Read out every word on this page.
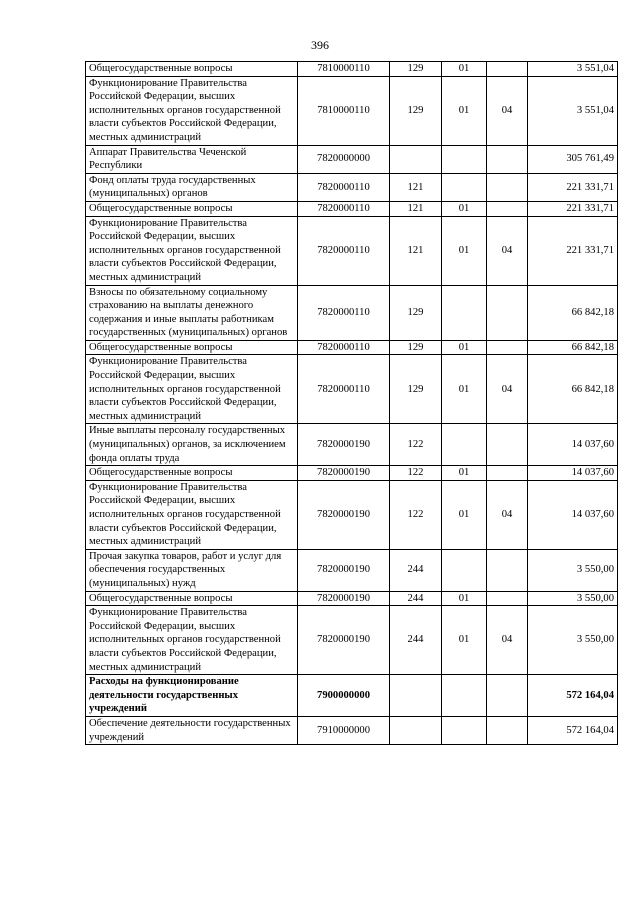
396
Общегосударственные вопросы	7810000110	129	01		3 551,04
Функционирование Правительства Российской Федерации, высших исполнительных органов государственной власти субъектов Российской Федерации, местных администраций	7810000110	129	01	04	3 551,04
Аппарат Правительства Чеченской Республики	7820000000				305 761,49
Фонд оплаты труда государственных (муниципальных) органов	7820000110	121			221 331,71
Общегосударственные вопросы	7820000110	121	01		221 331,71
Функционирование Правительства Российской Федерации, высших исполнительных органов государственной власти субъектов Российской Федерации, местных администраций	7820000110	121	01	04	221 331,71
Взносы по обязательному социальному страхованию на выплаты денежного содержания и иные выплаты работникам государственных (муниципальных) органов	7820000110	129			66 842,18
Общегосударственные вопросы	7820000110	129	01		66 842,18
Функционирование Правительства Российской Федерации, высших исполнительных органов государственной власти субъектов Российской Федерации, местных администраций	7820000110	129	01	04	66 842,18
Иные выплаты персоналу государственных (муниципальных) органов, за исключением фонда оплаты труда	7820000190	122			14 037,60
Общегосударственные вопросы	7820000190	122	01		14 037,60
Функционирование Правительства Российской Федерации, высших исполнительных органов государственной власти субъектов Российской Федерации, местных администраций	7820000190	122	01	04	14 037,60
Прочая закупка товаров, работ и услуг для обеспечения государственных (муниципальных) нужд	7820000190	244			3 550,00
Общегосударственные вопросы	7820000190	244	01		3 550,00
Функционирование Правительства Российской Федерации, высших исполнительных органов государственной власти субъектов Российской Федерации, местных администраций	7820000190	244	01	04	3 550,00
Расходы на функционирование деятельности государственных учреждений	7900000000				572 164,04
Обеспечение деятельности государственных учреждений	7910000000				572 164,04
